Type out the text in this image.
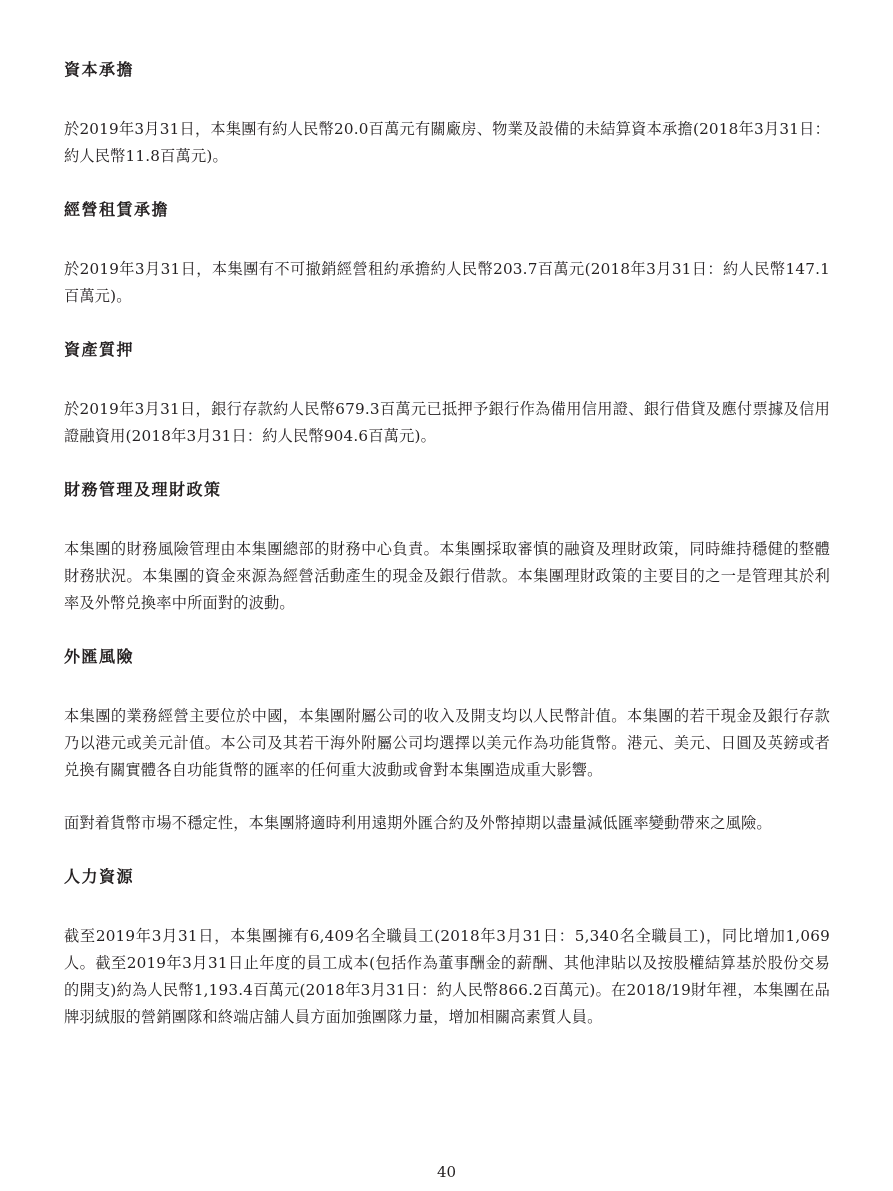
資本承擔

於2019年3月31日，本集團有約人民幣20.0百萬元有關廠房、物業及設備的未結算資本承擔(2018年3月31日：約人民幣11.8百萬元)。

經營租賃承擔

於2019年3月31日，本集團有不可撤銷經營租約承擔約人民幣203.7百萬元(2018年3月31日：約人民幣147.1百萬元)。

資產質押

於2019年3月31日，銀行存款約人民幣679.3百萬元已抵押予銀行作為備用信用證、銀行借貸及應付票據及信用證融資用(2018年3月31日：約人民幣904.6百萬元)。

財務管理及理財政策

本集團的財務風險管理由本集團總部的財務中心負責。本集團採取審慎的融資及理財政策，同時維持穩健的整體財務狀況。本集團的資金來源為經營活動產生的現金及銀行借款。本集團理財政策的主要目的之一是管理其於利率及外幣兑換率中所面對的波動。

外匯風險

本集團的業務經營主要位於中國，本集團附屬公司的收入及開支均以人民幣計值。本集團的若干現金及銀行存款乃以港元或美元計值。本公司及其若干海外附屬公司均選擇以美元作為功能貨幣。港元、美元、日圓及英鎊或者兑換有關實體各自功能貨幣的匯率的任何重大波動或會對本集團造成重大影響。

面對着貨幣市場不穩定性，本集團將適時利用遠期外匯合約及外幣掉期以盡量減低匯率變動帶來之風險。

人力資源

截至2019年3月31日，本集團擁有6,409名全職員工(2018年3月31日：5,340名全職員工)，同比增加1,069人。截至2019年3月31日止年度的員工成本(包括作為董事酬金的薪酬、其他津貼以及按股權結算基於股份交易的開支)約為人民幣1,193.4百萬元(2018年3月31日：約人民幣866.2百萬元)。在2018/19財年裡，本集團在品牌羽絨服的營銷團隊和終端店舖人員方面加強團隊力量，增加相關高素質人員。

40
